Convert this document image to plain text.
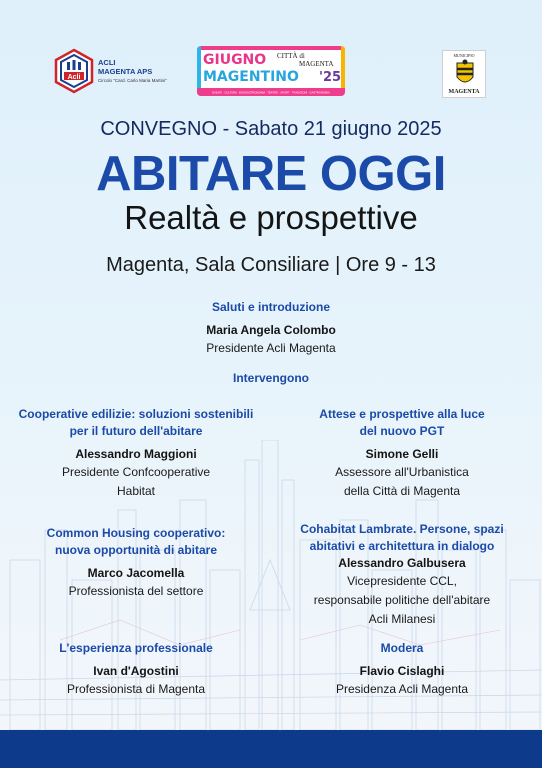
Acli
ACLI
MAGENTA APS
Circolo "Card. Carlo Maria Martini"
GIUGNO
MAGENTINO '25
CITTÀ di
MAGENTA
EVENTI · CULTURA · ENOGASTRONOMIA · TEATRO · SPORT · TRADIZIONI · GASTRONOMIA
MUNICIPIO
MAGENTA
CONVEGNO - Sabato 21 giugno 2025
ABITARE OGGI
Realtà e prospettive
Magenta, Sala Consiliare | Ore 9 - 13
Saluti e introduzione
Maria Angela Colombo
Presidente Acli Magenta
Intervengono
Cooperative edilizie: soluzioni sostenibili
per il futuro dell'abitare
Alessandro Maggioni
Presidente Confcooperative
Habitat
Common Housing cooperativo:
nuova opportunità di abitare
Marco Jacomella
Professionista del settore
L'esperienza professionale
Ivan d'Agostini
Professionista di Magenta
Attese e prospettive alla luce
del nuovo PGT
Simone Gelli
Assessore all'Urbanistica
della Città di Magenta
Cohabitat Lambrate. Persone, spazi
abitativi e architettura in dialogo
Alessandro Galbusera
Vicepresidente CCL,
responsabile politiche dell'abitare
Acli Milanesi
Modera
Flavio Cislaghi
Presidenza Acli Magenta
